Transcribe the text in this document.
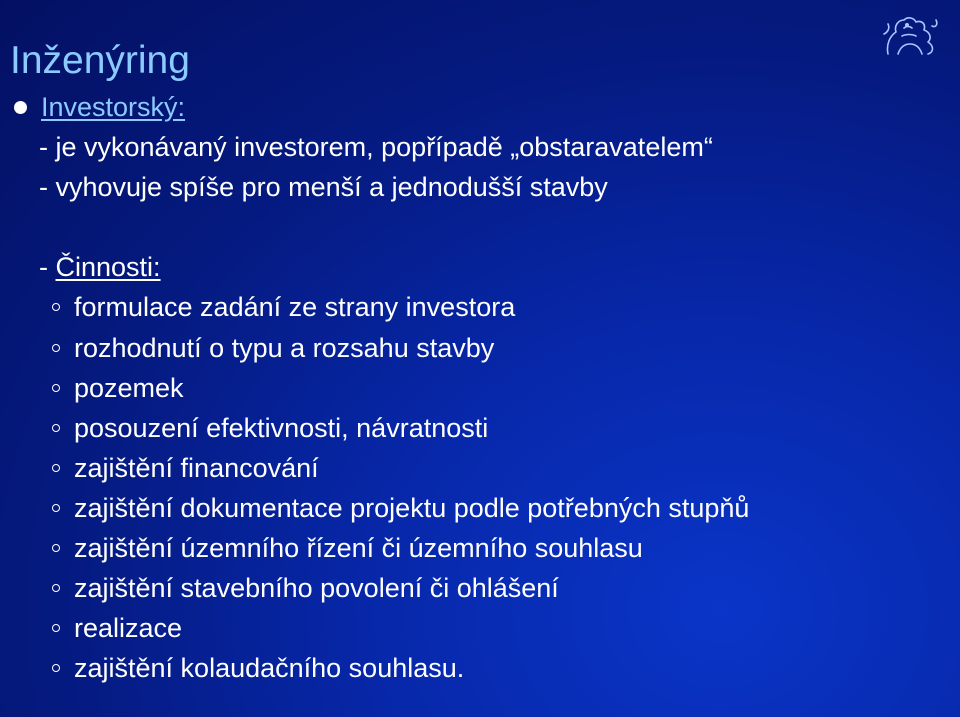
Inženýring
Investorský:
- je vykonávaný investorem, popřípadě „obstaravatelem“
- vyhovuje spíše pro menší a jednodušší stavby
- Činnosti:
formulace zadání ze strany investora
rozhodnutí o typu a rozsahu stavby
pozemek
posouzení efektivnosti, návratnosti
zajištění financování
zajištění dokumentace projektu podle potřebných stupňů
zajištění územního řízení či územního souhlasu
zajištění stavebního povolení či ohlášení
realizace
zajištění kolaudačního souhlasu.
